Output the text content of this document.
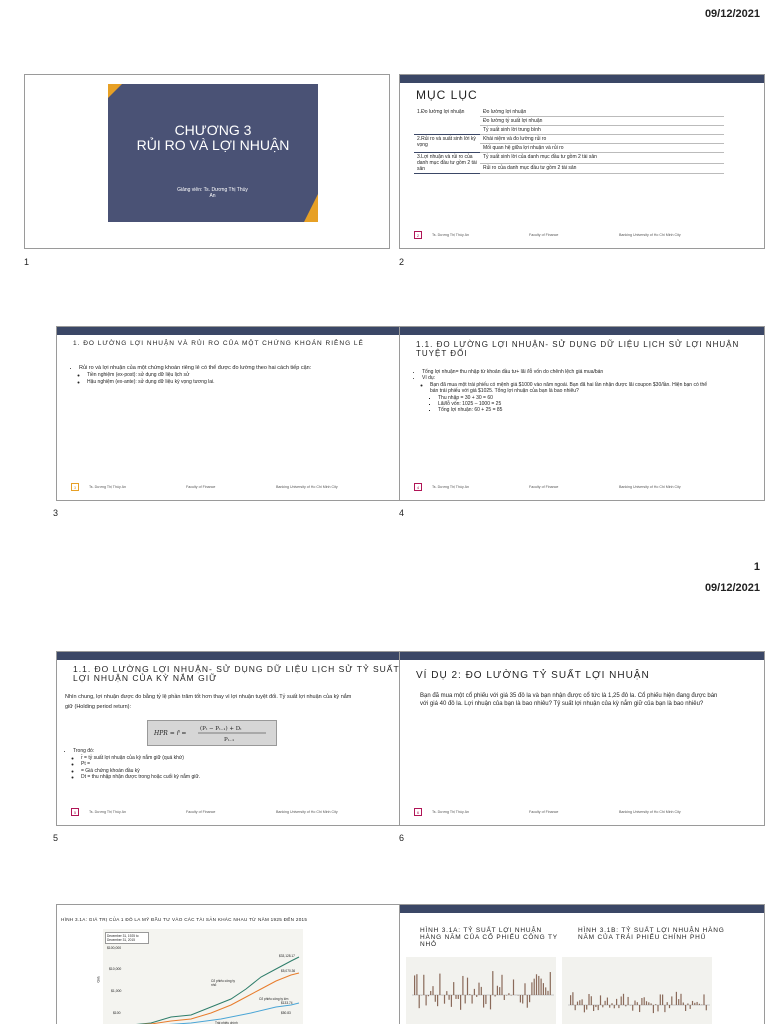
09/12/2021
CHƯƠNG 3
RỦI RO VÀ LỢI NHUẬN
Giảng viên: Ts. Dương Thị Thùy An
1
MỤC LỤC
1.Đo lường lợi nhuận	Đo lường lợi nhuận
	Đo lường tỷ suất lợi nhuận
	Tỷ suất sinh lời trung bình
2.Rủi ro và suất sinh lời kỳ vọng	Khái niệm và đo lường rủi ro
	Mối quan hệ giữa lợi nhuận và rủi ro
3.Lợi nhuận và rủi ro của danh mục đầu tư gồm 2 tài sản	Tỷ suất sinh lời của danh mục đầu tư gồm 2 tài sản
	Rủi ro của danh mục đầu tư gồm 2 tài sản
2	Ts. Dương Thị Thùy An	Faculty of Finance	Banking University of Ho Chi Minh City
2
1. ĐO LƯỜNG LỢI NHUẬN VÀ RỦI RO CỦA MỘT CHỨNG KHOÁN RIÊNG LẺ
• Rủi ro và lợi nhuận của một chứng khoán riêng lẻ có thể được đo lường theo hai cách tiếp cận:
◦ Tiền nghiệm (ex-post): sử dụng dữ liệu lịch sử
◦ Hậu nghiệm (ex-ante): sử dụng dữ liệu kỳ vọng tương lai.
3	Ts. Dương Thị Thùy An	Faculty of Finance	Banking University of Ho Chi Minh City
3
1.1. ĐO LƯỜNG LỢI NHUẬN- SỬ DỤNG DỮ LIỆU LỊCH SỬ LỢI NHUẬN TUYỆT ĐỐI
• Tổng lợi nhuận= thu nhập từ khoản đầu tư+ lãi /lỗ vốn do chênh lệch giá mua/bán
• Ví dụ:
◦ Bạn đã mua một trái phiếu có mệnh giá $1000 vào năm ngoái. Bạn đã hai lần nhận được lãi coupon $30/lần. Hiện bạn có thể bán trái phiếu với giá $1025. Tổng lợi nhuận của bạn là bao nhiêu?
▪ Thu nhập = 30 + 30 = 60
▪ Lãi/lỗ vốn: 1025 – 1000 = 25
▪ Tổng lợi nhuận: 60 + 25 = 85
4	Ts. Dương Thị Thùy An	Faculty of Finance	Banking University of Ho Chi Minh City
4
1
09/12/2021
1.1. ĐO LƯỜNG LỢI NHUẬN- SỬ DỤNG DỮ LIỆU LỊCH SỬ TỶ SUẤT LỢI NHUẬN CỦA KỲ NẮM GIỮ
Nhìn chung, lợi nhuận được đo bằng tỷ lệ phần trăm tốt hơn thay vì lợi nhuận tuyệt đối. Tỷ suất lợi nhuận của kỳ nắm giữ (Holding period return):
HPR = r̄ =
(Pₜ − Pₜ₋₁) + Dₜ
Pₜ₋₁
• Trong đó:
◦ r̄ = tỷ suất lợi nhuận của kỳ nắm giữ (quá khứ)
◦ Pt =
◦ = Giá chứng khoán đầu kỳ
◦ Dt = thu nhập nhận được trong hoặc cuối kỳ nắm giữ.
5	Ts. Dương Thị Thùy An	Faculty of Finance	Banking University of Ho Chi Minh City
5
VÍ DỤ 2: ĐO LƯỜNG TỶ SUẤT LỢI NHUẬN
Bạn đã mua một cổ phiếu với giá 35 đô la và bạn nhận được cổ tức là 1,25 đô la. Cổ phiếu hiện đang được bán với giá 40 đô la. Lợi nhuận của bạn là bao nhiêu? Tỷ suất lợi nhuận của kỳ nắm giữ của bạn là bao nhiêu?
6	Ts. Dương Thị Thùy An	Faculty of Finance	Banking University of Ho Chi Minh City
6
HÌNH 3.1A: GIÁ TRỊ CỦA 1 ĐÔ LA MỸ ĐẦU TƯ VÀO CÁC TÀI SẢN KHÁC NHAU TỪ NĂM 1925 ĐẾN 2015
December 31, 1925 to December 31, 2015
Giá
$100,000
$10,000
$1,000
$100
$33,128.17
$5,070.36
$133.74
$50.83
Cổ phiếu công ty nhỏ
Cổ phiếu công ty lớn
Trái phiếu chính
HÌNH 3.1A: TỶ SUẤT LỢI NHUẬN HÀNG NĂM CỦA CỔ PHIẾU CÔNG TY NHỎ
HÌNH 3.1B: TỶ SUẤT LỢI NHUẬN HÀNG NĂM CỦA TRÁI PHIẾU CHÍNH PHỦ
